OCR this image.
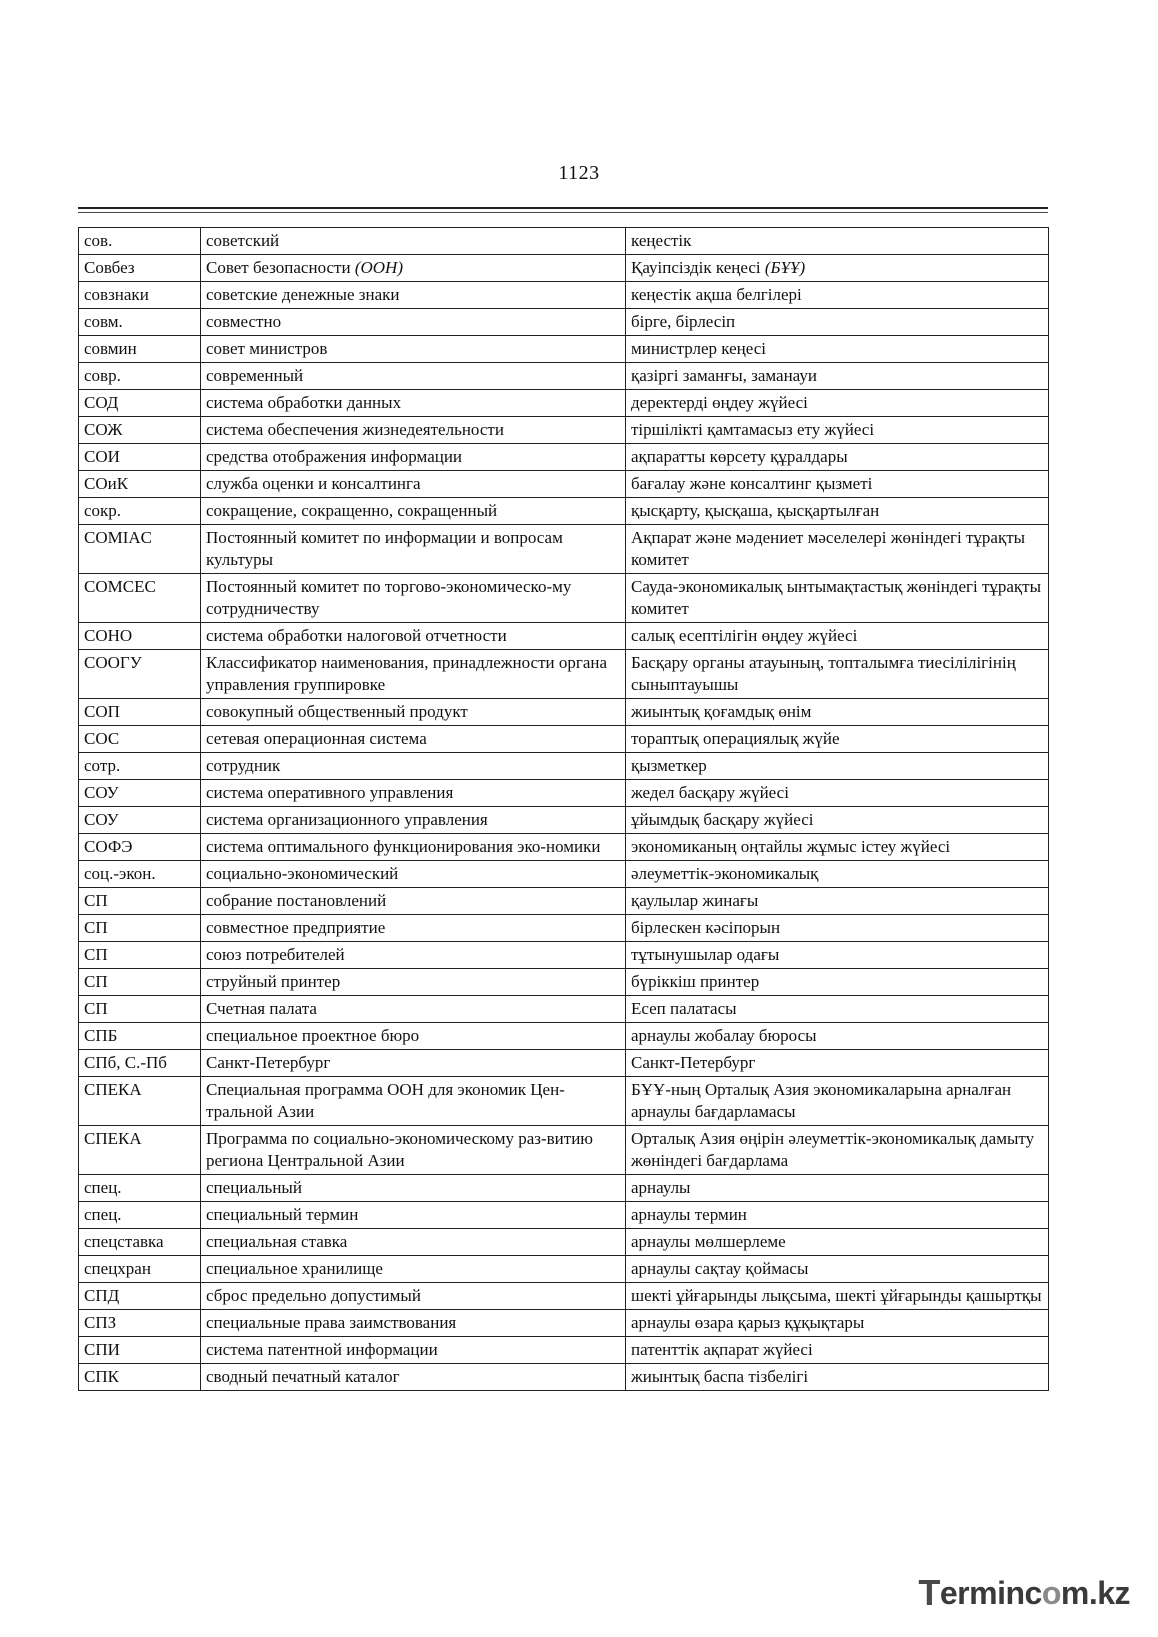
1123
сов.	советский	кеңестік
Совбез	Совет безопасности (ООН)	Қауіпсіздік кеңесі (БҰҰ)
совзнаки	советские денежные знаки	кеңестік ақша белгілері
совм.	совместно	бірге, бірлесіп
совмин	совет министров	министрлер кеңесі
совр.	современный	қазіргі заманғы, заманауи
СОД	система обработки данных	деректерді өңдеу жүйесі
СОЖ	система обеспечения жизнедеятельности	тіршілікті қамтамасыз ету жүйесі
СОИ	средства отображения информации	ақпаратты көрсету құралдары
СОиК	служба оценки и консалтинга	бағалау және консалтинг қызметі
сокр.	сокращение, сокращенно, сокращенный	қысқарту, қысқаша, қысқартылған
COMIAC	Постоянный комитет по информации и вопросам культуры	Ақпарат және мәдениет мәселелері жөніндегі тұрақты комитет
COMCEC	Постоянный комитет по торгово-экономическо-му сотрудничеству	Сауда-экономикалық ынтымақтастық жөніндегі тұрақты комитет
СОНО	система обработки налоговой отчетности	салық есептілігін өңдеу жүйесі
СООГУ	Классификатор наименования, принадлежности органа управления группировке	Басқару органы атауының, топталымға тиесілілігінің сыныптауышы
СОП	совокупный общественный продукт	жиынтық қоғамдық өнім
СОС	сетевая операционная система	тораптық операциялық жүйе
сотр.	сотрудник	қызметкер
СОУ	система оперативного управления	жедел басқару жүйесі
СОУ	система организационного управления	ұйымдық басқару жүйесі
СОФЭ	система оптимального функционирования эко-номики	экономиканың оңтайлы жұмыс істеу жүйесі
соц.-экон.	социально-экономический	әлеуметтік-экономикалық
СП	собрание постановлений	қаулылар жинағы
СП	совместное предприятие	бірлескен кәсіпорын
СП	союз потребителей	тұтынушылар одағы
СП	струйный принтер	бүріккіш принтер
СП	Счетная палата	Есеп палатасы
СПБ	специальное проектное бюро	арнаулы жобалау бюросы
СПб, С.-Пб	Санкт-Петербург	Санкт-Петербург
СПЕКА	Специальная программа ООН для экономик Цен-тральной Азии	БҰҰ-ның Орталық Азия экономикаларына арналған арнаулы бағдарламасы
СПЕКА	Программа по социально-экономическому раз-витию региона Центральной Азии	Орталық Азия өңірін әлеуметтік-экономикалық дамыту жөніндегі бағдарлама
спец.	специальный	арнаулы
спец.	специальный термин	арнаулы термин
спецставка	специальная ставка	арнаулы мөлшерлеме
спецхран	специальное хранилище	арнаулы сақтау қоймасы
СПД	сброс предельно допустимый	шекті ұйғарынды лықсыма, шекті ұйғарынды қашыртқы
СПЗ	специальные права заимствования	арнаулы өзара қарыз құқықтары
СПИ	система патентной информации	патенттік ақпарат жүйесі
СПК	сводный печатный каталог	жиынтық баспа тізбелігі
T erminc o m.kz
